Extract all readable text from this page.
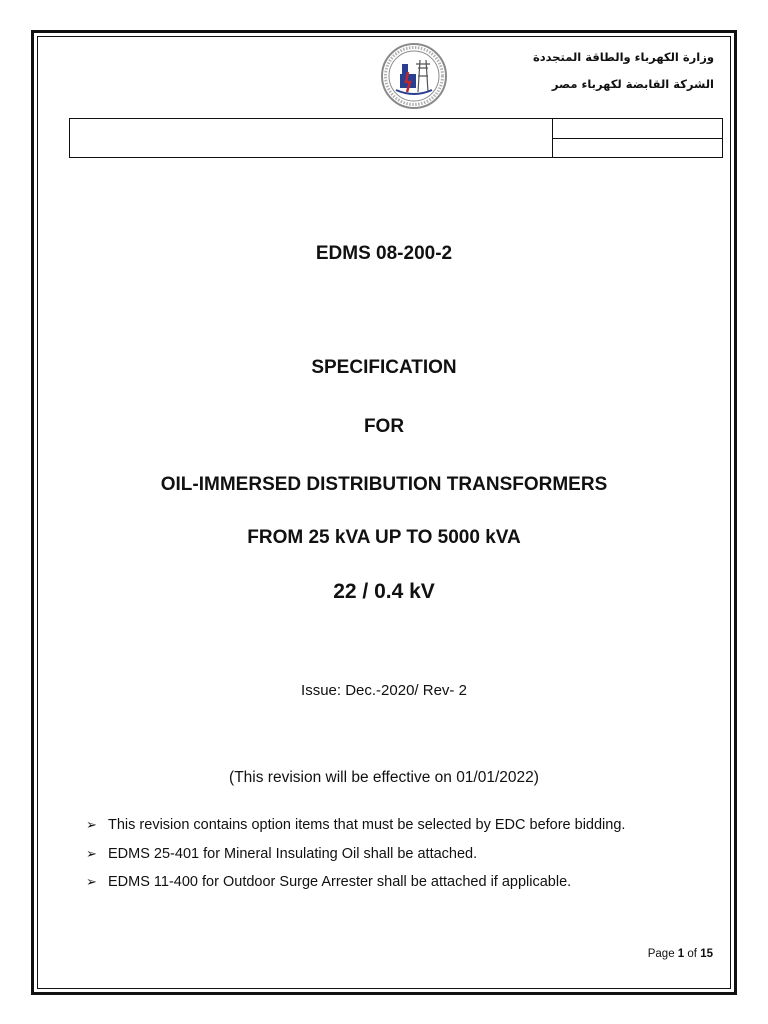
وزارة الكهرباء والطاقة المتجددة
الشركة القابضة لكهرباء مصر
EDMS 08-200-2
SPECIFICATION
FOR
OIL-IMMERSED DISTRIBUTION TRANSFORMERS
FROM 25 kVA UP TO 5000 kVA
22 / 0.4 kV
Issue: Dec.-2020/ Rev- 2
(This revision will be effective on 01/01/2022)
➢ This revision contains option items that must be selected by EDC before bidding.
➢ EDMS 25-401 for Mineral Insulating Oil shall be attached.
➢ EDMS 11-400 for Outdoor Surge Arrester shall be attached if applicable.
Page 1 of 15
